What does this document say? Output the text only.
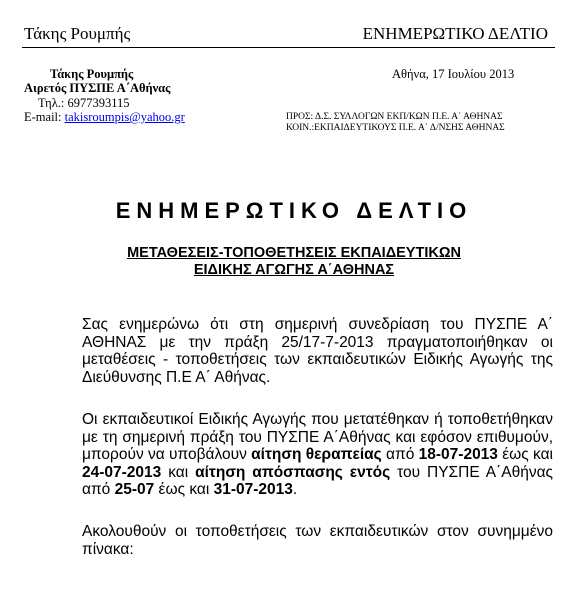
Τάκης Ρουμπής	ΕΝΗΜΕΡΩΤΙΚΟ ΔΕΛΤΙΟ
Τάκης Ρουμπής
Αιρετός ΠΥΣΠΕ Α΄Αθήνας
Τηλ.: 6977393115
E-mail: takisroumpis@yahoo.gr
Αθήνα, 17 Ιουλίου 2013
ΠΡΟΣ: Δ.Σ. ΣΥΛΛΟΓΩΝ ΕΚΠ/ΚΩΝ Π.Ε. Α΄ ΑΘΗΝΑΣ
ΚΟΙΝ.:ΕΚΠΑΙΔΕΥΤΙΚΟΥΣ Π.Ε. Α΄ Δ/ΝΣΗΣ ΑΘΗΝΑΣ
ΕΝΗΜΕΡΩΤΙΚΟ ΔΕΛΤΙΟ
ΜΕΤΑΘΕΣΕΙΣ-ΤΟΠΟΘΕΤΗΣΕΙΣ ΕΚΠΑΙΔΕΥΤΙΚΩΝ
ΕΙΔΙΚΗΣ ΑΓΩΓΗΣ Α΄ΑΘΗΝΑΣ

Σας ενημερώνω ότι στη σημερινή συνεδρίαση του ΠΥΣΠΕ Α΄ ΑΘΗΝΑΣ με την πράξη 25/17-7-2013 πραγματοποιήθηκαν οι μεταθέσεις - τοποθετήσεις των εκπαιδευτικών Ειδικής Αγωγής της Διεύθυνσης Π.Ε Α΄ Αθήνας.

Οι εκπαιδευτικοί Ειδικής Αγωγής που μετατέθηκαν ή τοποθετήθηκαν με τη σημερινή πράξη του ΠΥΣΠΕ Α΄Αθήνας και εφόσον επιθυμούν, μπορούν να υποβάλουν αίτηση θεραπείας από 18-07-2013 έως και 24-07-2013 και αίτηση απόσπασης εντός του ΠΥΣΠΕ Α΄Αθήνας από 25-07 έως και 31-07-2013.

Ακολουθούν οι τοποθετήσεις των εκπαιδευτικών στον συνημμένο πίνακα:
